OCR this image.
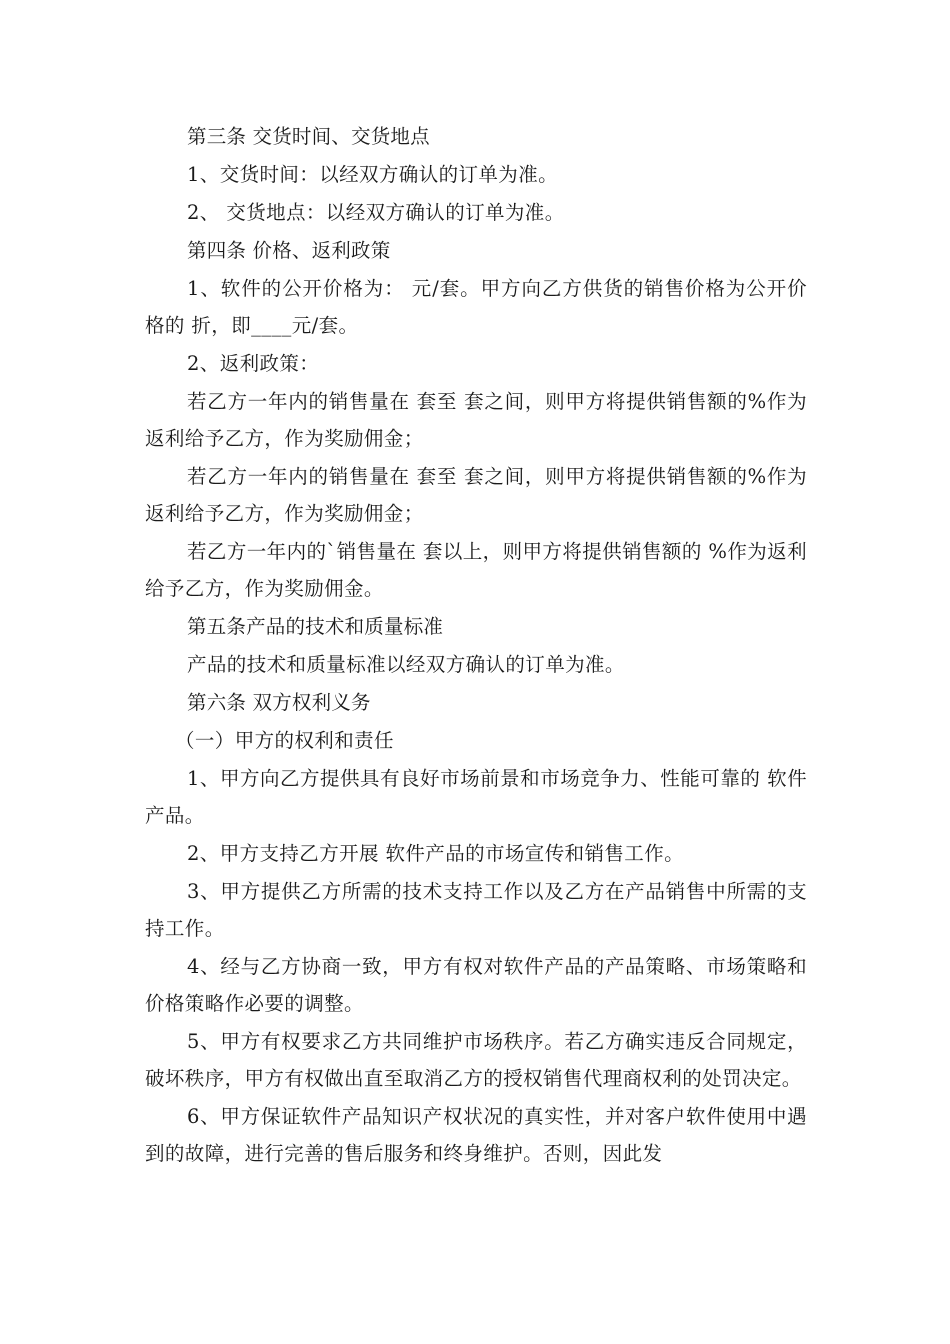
第三条 交货时间、交货地点

1、交货时间：以经双方确认的订单为准。

2、 交货地点：以经双方确认的订单为准。

第四条 价格、返利政策

1、软件的公开价格为： 元/套。甲方向乙方供货的销售价格为公开价格的 折，即____元/套。

2、返利政策：

若乙方一年内的销售量在 套至 套之间，则甲方将提供销售额的%作为返利给予乙方，作为奖励佣金；

若乙方一年内的销售量在 套至 套之间，则甲方将提供销售额的%作为返利给予乙方，作为奖励佣金；

若乙方一年内的`销售量在 套以上，则甲方将提供销售额的 %作为返利给予乙方，作为奖励佣金。

第五条产品的技术和质量标准

产品的技术和质量标准以经双方确认的订单为准。

第六条 双方权利义务

（一）甲方的权利和责任

1、甲方向乙方提供具有良好市场前景和市场竞争力、性能可靠的 软件产品。

2、甲方支持乙方开展 软件产品的市场宣传和销售工作。

3、甲方提供乙方所需的技术支持工作以及乙方在产品销售中所需的支持工作。

4、经与乙方协商一致，甲方有权对软件产品的产品策略、市场策略和价格策略作必要的调整。

5、甲方有权要求乙方共同维护市场秩序。若乙方确实违反合同规定，破坏秩序，甲方有权做出直至取消乙方的授权销售代理商权利的处罚决定。

6、甲方保证软件产品知识产权状况的真实性，并对客户软件使用中遇到的故障，进行完善的售后服务和终身维护。否则，因此发
